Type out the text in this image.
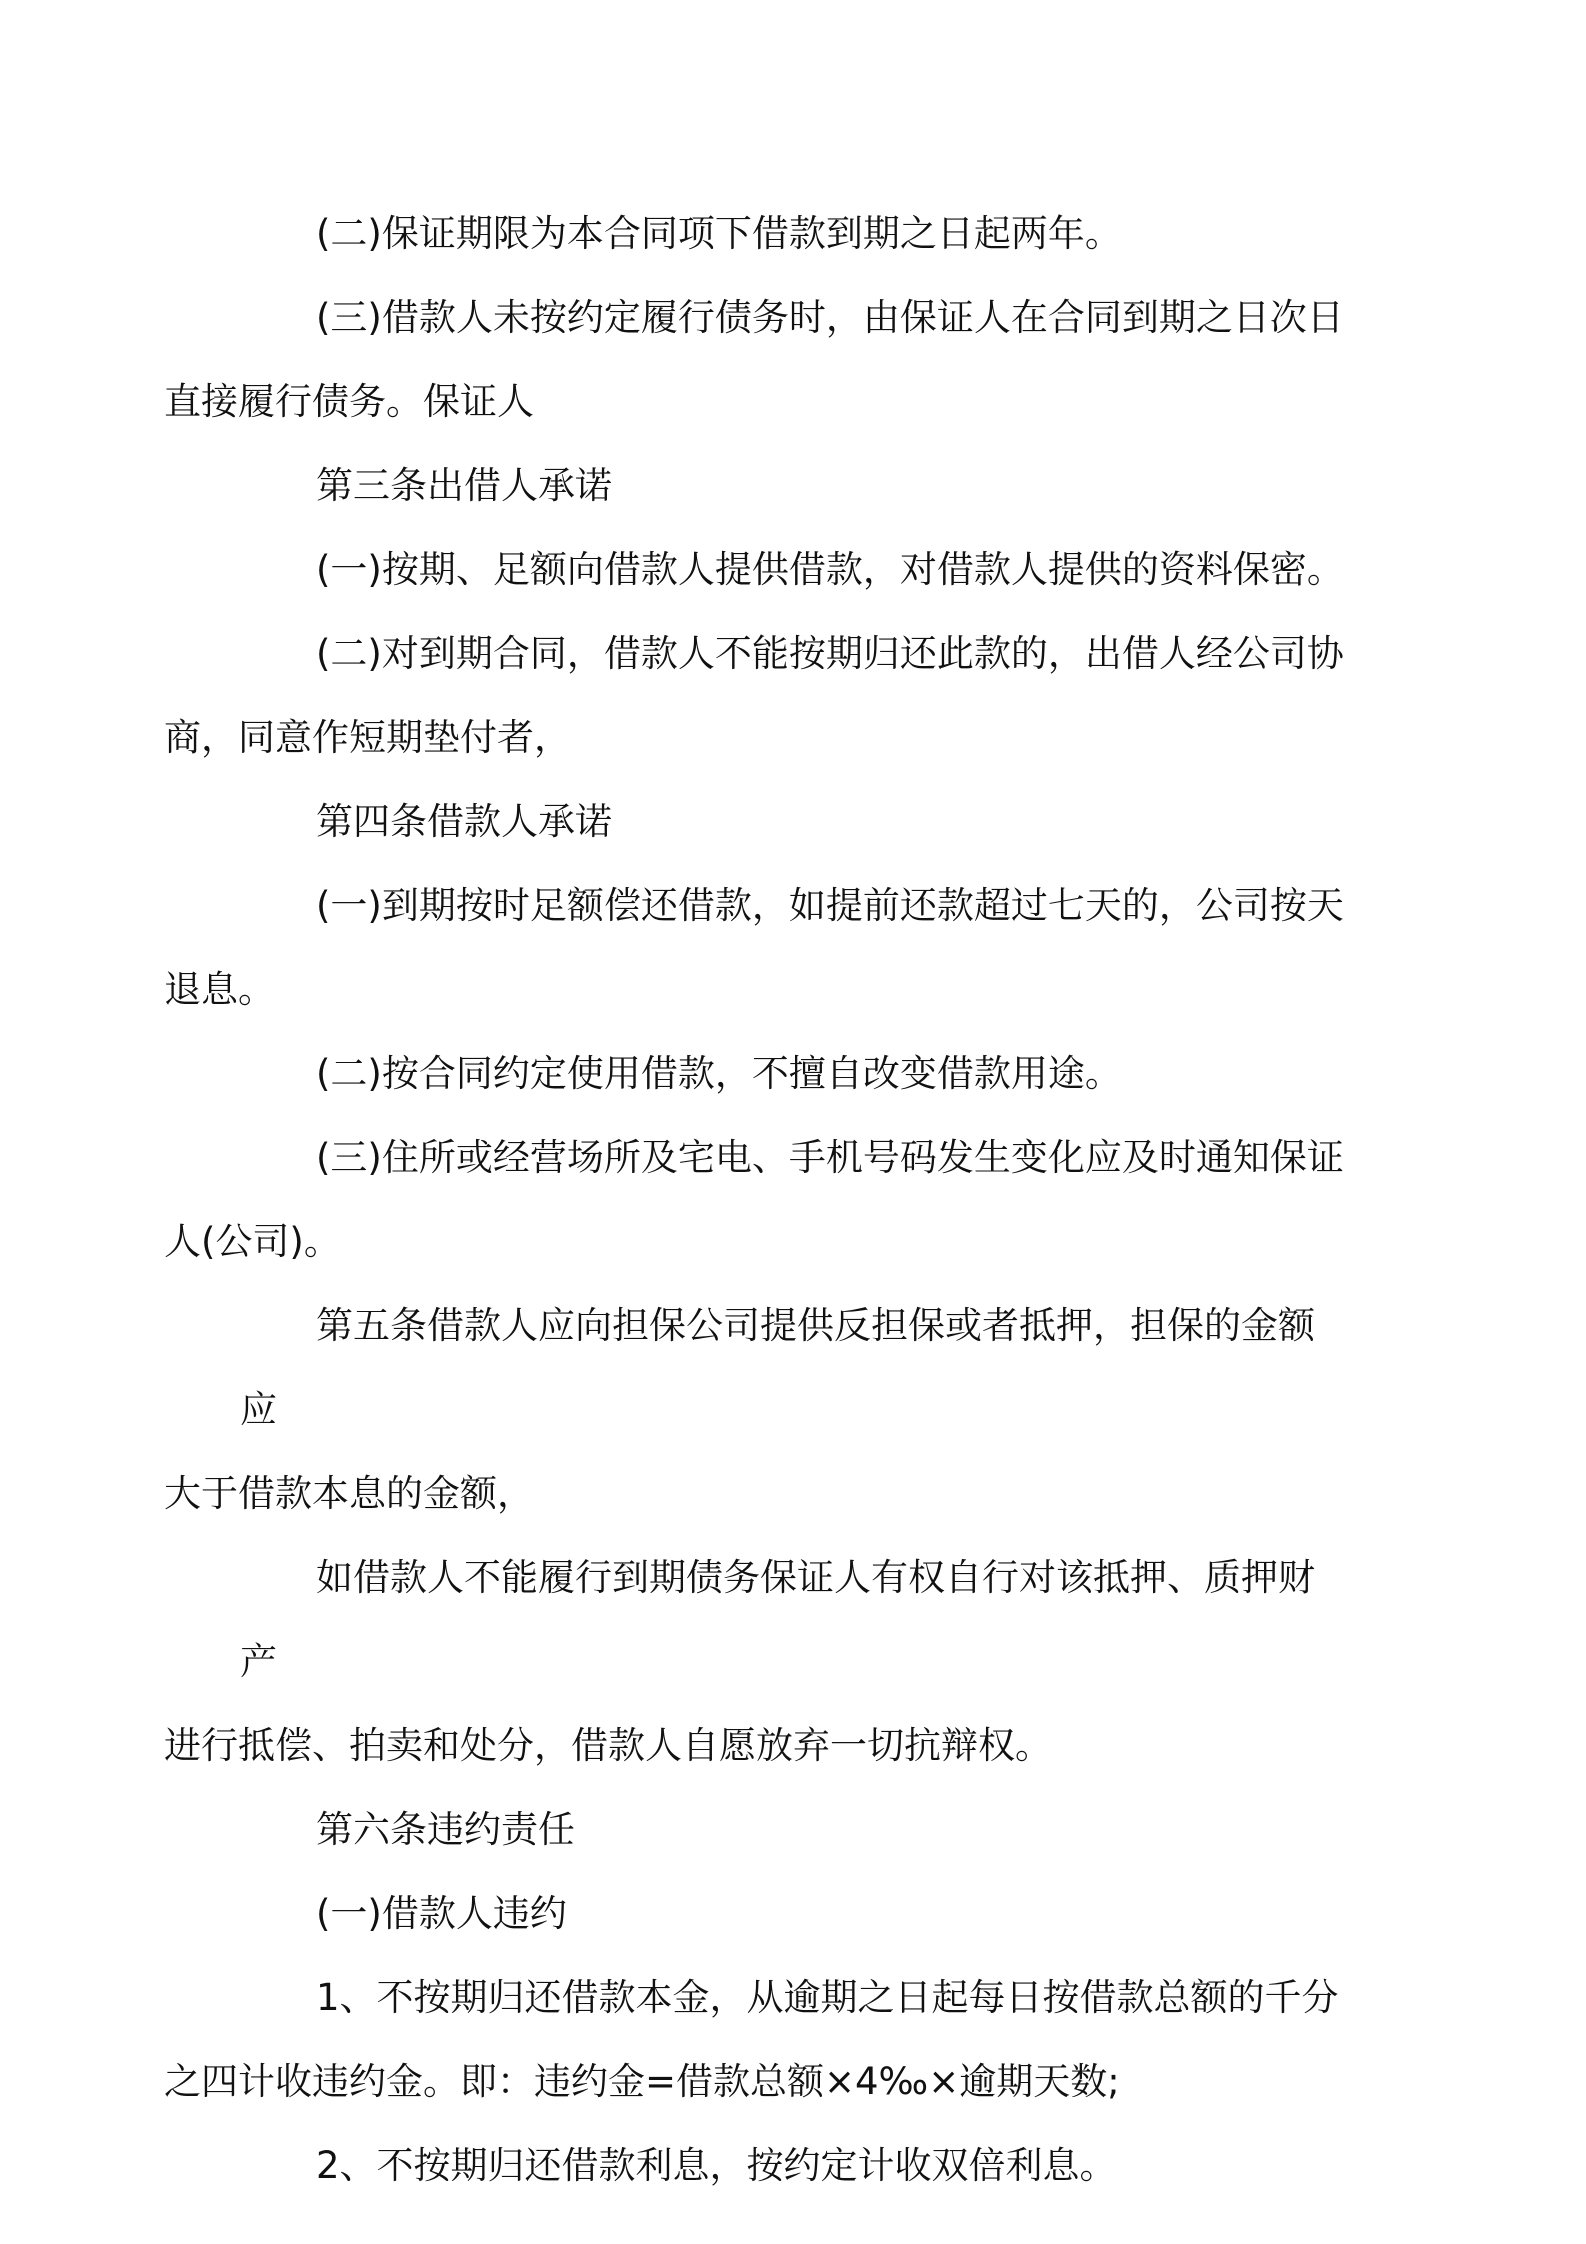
(二)保证期限为本合同项下借款到期之日起两年。

(三)借款人未按约定履行债务时，由保证人在合同到期之日次日
直接履行债务。保证人

第三条出借人承诺

(一)按期、足额向借款人提供借款，对借款人提供的资料保密。

(二)对到期合同，借款人不能按期归还此款的，出借人经公司协
商，同意作短期垫付者，

第四条借款人承诺

(一)到期按时足额偿还借款，如提前还款超过七天的，公司按天
退息。

(二)按合同约定使用借款，不擅自改变借款用途。

(三)住所或经营场所及宅电、手机号码发生变化应及时通知保证
人(公司)。

第五条借款人应向担保公司提供反担保或者抵押，担保的金额应
大于借款本息的金额，

如借款人不能履行到期债务保证人有权自行对该抵押、质押财产
进行抵偿、拍卖和处分，借款人自愿放弃一切抗辩权。

第六条违约责任

(一)借款人违约

1、不按期归还借款本金，从逾期之日起每日按借款总额的千分
之四计收违约金。即：违约金=借款总额×4‰×逾期天数;

2、不按期归还借款利息，按约定计收双倍利息。
